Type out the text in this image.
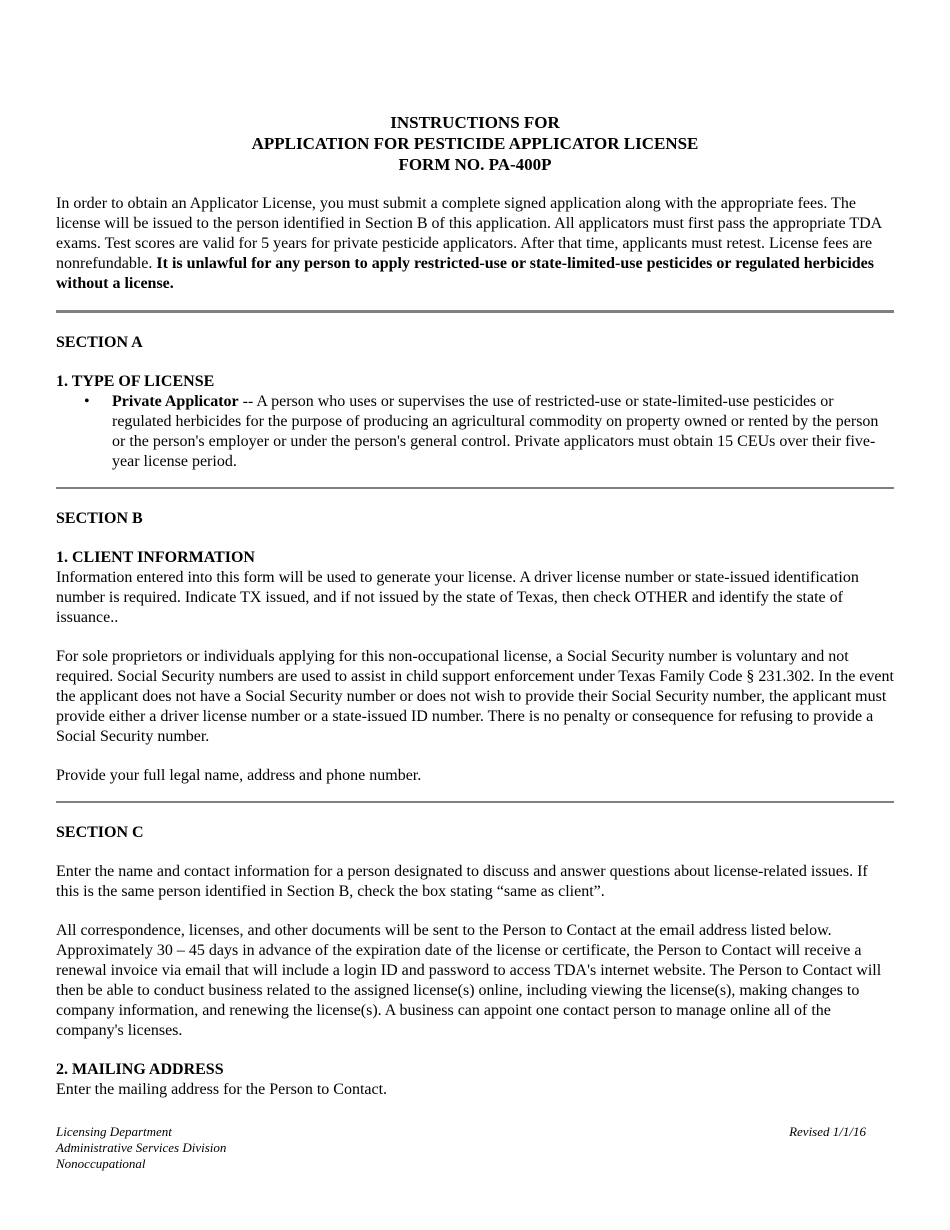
INSTRUCTIONS FOR
APPLICATION FOR PESTICIDE APPLICATOR LICENSE
FORM NO. PA-400P

In order to obtain an Applicator License, you must submit a complete signed application along with the appropriate fees. The license will be issued to the person identified in Section B of this application. All applicators must first pass the appropriate TDA exams. Test scores are valid for 5 years for private pesticide applicators. After that time, applicants must retest. License fees are nonrefundable. It is unlawful for any person to apply restricted-use or state-limited-use pesticides or regulated herbicides without a license.

SECTION A
1. TYPE OF LICENSE
• Private Applicator -- A person who uses or supervises the use of restricted-use or state-limited-use pesticides or regulated herbicides for the purpose of producing an agricultural commodity on property owned or rented by the person or the person's employer or under the person's general control. Private applicators must obtain 15 CEUs over their five-year license period.
SECTION B
1. CLIENT INFORMATION

Information entered into this form will be used to generate your license. A driver license number or state-issued identification number is required. Indicate TX issued, and if not issued by the state of Texas, then check OTHER and identify the state of issuance..

For sole proprietors or individuals applying for this non-occupational license, a Social Security number is voluntary and not required. Social Security numbers are used to assist in child support enforcement under Texas Family Code § 231.302. In the event the applicant does not have a Social Security number or does not wish to provide their Social Security number, the applicant must provide either a driver license number or a state-issued ID number. There is no penalty or consequence for refusing to provide a Social Security number.

Provide your full legal name, address and phone number.

SECTION C

Enter the name and contact information for a person designated to discuss and answer questions about license-related issues. If this is the same person identified in Section B, check the box stating “same as client”.

All correspondence, licenses, and other documents will be sent to the Person to Contact at the email address listed below. Approximately 30 – 45 days in advance of the expiration date of the license or certificate, the Person to Contact will receive a renewal invoice via email that will include a login ID and password to access TDA's internet website. The Person to Contact will then be able to conduct business related to the assigned license(s) online, including viewing the license(s), making changes to company information, and renewing the license(s). A business can appoint one contact person to manage online all of the company's licenses.

2. MAILING ADDRESS

Enter the mailing address for the Person to Contact.

Licensing Department
Administrative Services Division
Nonoccupational
Revised 1/1/16
